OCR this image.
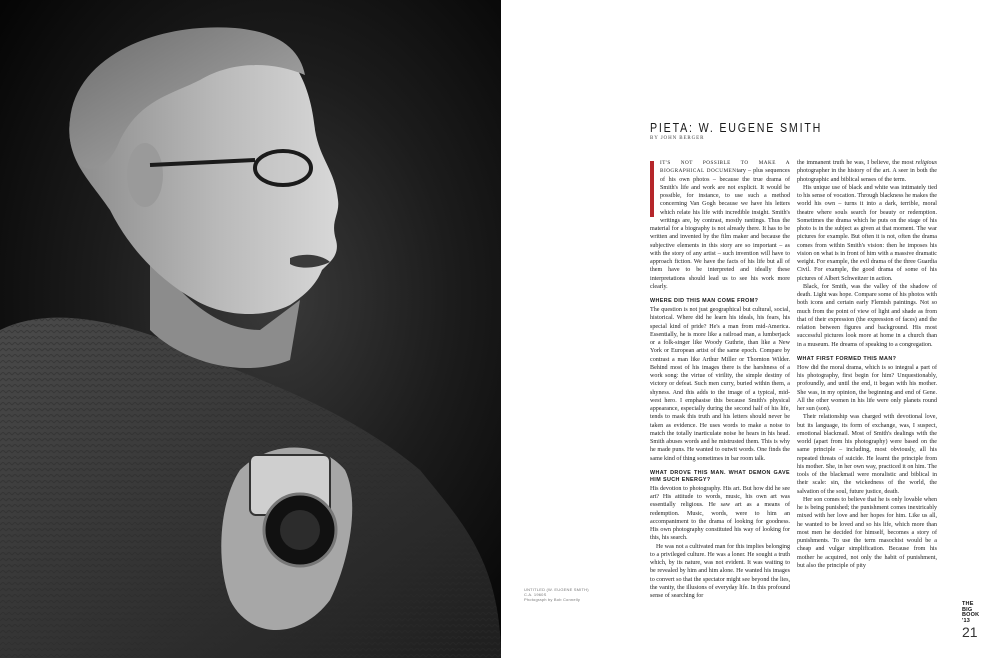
UNTITLED (W. EUGENE SMITH)
C.A. 1960S
Photograph by Bob Connelly
PIETA: W. EUGENE SMITH
BY JOHN BERGER

IT'S NOT POSSIBLE TO MAKE A BIOGRAPHICAL DOCUMENtary – plus sequences of his own photos – because the true drama of Smith's life and work are not explicit. It would be possible, for instance, to use such a method concerning Van Gogh because we have his letters which relate his life with incredible insight. Smith's writings are, by contrast, mostly rantings. Thus the material for a biography is not already there. It has to be written and invented by the film maker and because the subjective elements in this story are so important – as with the story of any artist – such invention will have to approach fiction. We have the facts of his life but all of them have to be interpreted and ideally these interpretations should lead us to see his work more clearly.

WHERE DID THIS MAN COME FROM?

The question is not just geographical but cultural, social, historical. Where did he learn his ideals, his fears, his special kind of pride? He's a man from mid-America. Essentially, he is more like a railroad man, a lumberjack or a folk-singer like Woody Guthrie, than like a New York or European artist of the same epoch. Compare by contrast a man like Arthur Miller or Thornton Wilder. Behind most of his images there is the harshness of a work song: the virtue of virility, the simple destiny of victory or defeat. Such men curry, buried within them, a shyness. And this adds to the image of a typical, mid-west hero. I emphasise this because Smith's physical appearance, especially during the second half of his life, tends to mask this truth and his letters should never be taken as evidence. He uses words to make a noise to match the totally inarticulate noise he hears in his head. Smith abuses words and he mistrusted them. This is why he made puns. He wanted to outwit words. One finds the same kind of thing sometimes in bar room talk.

WHAT DROVE THIS MAN. WHAT DEMON GAVE HIM SUCH ENERGY?

His devotion to photography. His art. But how did he see art? His attitude to words, music, his own art was essentially religious. He saw art as a means of redemption. Music, words, were to him an accompaniment to the drama of looking for goodness. His own photography constituted his way of looking for this, his search.

He was not a cultivated man for this implies belonging to a privileged culture. He was a loner. He sought a truth which, by its nature, was not evident. It was waiting to be revealed by him and him alone. He wanted his images to convert so that the spectator might see beyond the lies, the vanity, the illusions of everyday life. In this profound sense of searching for

the immanent truth he was, I believe, the most religious photographer in the history of the art. A seer in both the photographic and biblical senses of the term.

His unique use of black and white was intimately tied to his sense of vocation. Through blackness he makes the world his own – turns it into a dark, terrible, moral theatre where souls search for beauty or redemption. Sometimes the drama which he puts on the stage of his photo is in the subject as given at that moment. The war pictures for example. But often it is not, often the drama comes from within Smith's vision: then he imposes his vision on what is in front of him with a massive dramatic weight. For example, the evil drama of the three Guardia Civil. For example, the good drama of some of his pictures of Albert Schweitzer in action.

Black, for Smith, was the valley of the shadow of death. Light was hope. Compare some of his photos with both icons and certain early Flemish paintings. Not so much from the point of view of light and shade as from that of their expression (the expression of faces) and the relation between figures and background. His most successful pictures look more at home in a church than in a museum. He dreams of speaking to a congregation.

WHAT FIRST FORMED THIS MAN?

How did the moral drama, which is so integral a part of his photography, first begin for him? Unquestionably, profoundly, and until the end, it began with his mother. She was, in my opinion, the beginning and end of Gene. All the other women in his life were only planets round her sun (son).

Their relationship was charged with devotional love, but its language, its form of exchange, was, I suspect, emotional blackmail. Most of Smith's dealings with the world (apart from his photography) were based on the same principle – including, most obviously, all his repeated threats of suicide. He learnt the principle from his mother. She, in her own way, practiced it on him. The tools of the blackmail were moralistic and biblical in their scale: sin, the wickedness of the world, the salvation of the soul, future justice, death.

Her son comes to believe that he is only lovable when he is being punished; the punishment comes inextricably mixed with her love and her hopes for him. Like us all, he wanted to be loved and so his life, which more than most men he decided for himself, becomes a story of punishments. To use the term masochist would be a cheap and vulgar simplification. Because from his mother he acquired, not only the habit of punishment, but also the principle of pity

THE
BIG
BOOK
'13
21
